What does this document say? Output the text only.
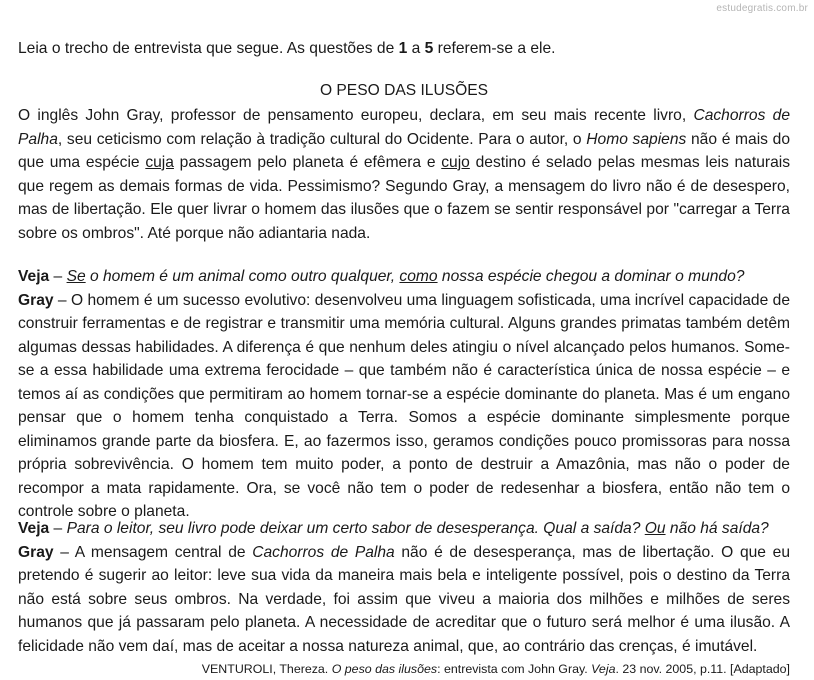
estudegratis.com.br

Leia o trecho de entrevista que segue. As questões de 1 a 5 referem-se a ele.

O PESO DAS ILUSÕES

O inglês John Gray, professor de pensamento europeu, declara, em seu mais recente livro, Cachorros de Palha, seu ceticismo com relação à tradição cultural do Ocidente. Para o autor, o Homo sapiens não é mais do que uma espécie cuja passagem pelo planeta é efêmera e cujo destino é selado pelas mesmas leis naturais que regem as demais formas de vida. Pessimismo? Segundo Gray, a mensagem do livro não é de desespero, mas de libertação. Ele quer livrar o homem das ilusões que o fazem se sentir responsável por "carregar a Terra sobre os ombros". Até porque não adiantaria nada.

Veja – Se o homem é um animal como outro qualquer, como nossa espécie chegou a dominar o mundo?

Gray – O homem é um sucesso evolutivo: desenvolveu uma linguagem sofisticada, uma incrível capacidade de construir ferramentas e de registrar e transmitir uma memória cultural. Alguns grandes primatas também detêm algumas dessas habilidades. A diferença é que nenhum deles atingiu o nível alcançado pelos humanos. Some-se a essa habilidade uma extrema ferocidade – que também não é característica única de nossa espécie – e temos aí as condições que permitiram ao homem tornar-se a espécie dominante do planeta. Mas é um engano pensar que o homem tenha conquistado a Terra. Somos a espécie dominante simplesmente porque eliminamos grande parte da biosfera. E, ao fazermos isso, geramos condições pouco promissoras para nossa própria sobrevivência. O homem tem muito poder, a ponto de destruir a Amazônia, mas não o poder de recompor a mata rapidamente. Ora, se você não tem o poder de redesenhar a biosfera, então não tem o controle sobre o planeta.

Veja – Para o leitor, seu livro pode deixar um certo sabor de desesperança. Qual a saída? Ou não há saída?

Gray – A mensagem central de Cachorros de Palha não é de desesperança, mas de libertação. O que eu pretendo é sugerir ao leitor: leve sua vida da maneira mais bela e inteligente possível, pois o destino da Terra não está sobre seus ombros. Na verdade, foi assim que viveu a maioria dos milhões e milhões de seres humanos que já passaram pelo planeta. A necessidade de acreditar que o futuro será melhor é uma ilusão. A felicidade não vem daí, mas de aceitar a nossa natureza animal, que, ao contrário das crenças, é imutável.

VENTUROLI, Thereza. O peso das ilusões: entrevista com John Gray. Veja. 23 nov. 2005, p.11. [Adaptado]
